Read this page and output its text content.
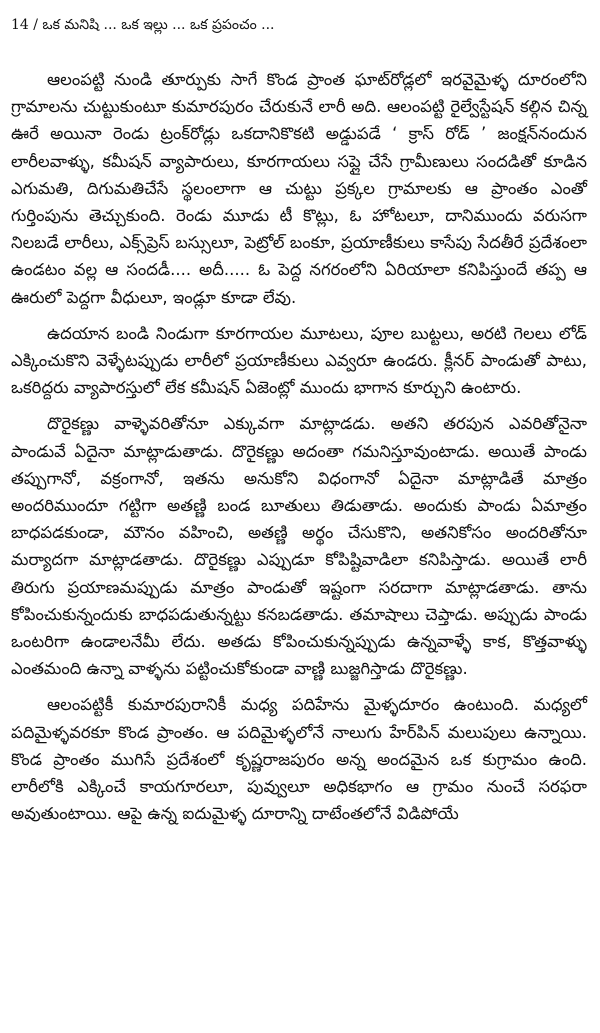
14 / ఒక మనిషి ... ఒక ఇల్లు ... ఒక ప్రపంచం ...

ఆలంపట్టి నుండి తూర్పుకు సాగే కొండ ప్రాంత ఘాట్‌రోడ్లలో ఇరవైమైళ్ళ దూరంలోని గ్రామాలను చుట్టుకుంటూ కుమారపురం చేరుకునే లారీ అది. ఆలంపట్టి రైల్వేస్టేషన్ కల్గిన చిన్న ఊరే అయినా రెండు ట్రంక్‌రోడ్లు ఒకదానికొకటి అడ్డుపడే ‘ క్రాస్ రోడ్ ’ జంక్షన్‌నందున లారీలవాళ్ళు, కమీషన్ వ్యాపారులు, కూరగాయలు సప్లై చేసే గ్రామీణులు సందడితో కూడిన ఎగుమతి, దిగుమతిచేసే స్థలంలాగా ఆ చుట్టు ప్రక్కల గ్రామాలకు ఆ ప్రాంతం ఎంతో గుర్తింపును తెచ్చుకుంది. రెండు మూడు టీ కొట్లు, ఓ హోటలూ, దానిముందు వరుసగా నిలబడే లారీలు, ఎక్స్‌ప్రెస్ బస్సులూ, పెట్రోల్ బంకూ, ప్రయాణీకులు కాసేపు సేదతీరే ప్రదేశంలా ఉండటం వల్ల ఆ సందడీ.... అదీ..... ఓ పెద్ద నగరంలోని ఏరియాలా కనిపిస్తుందే తప్ప ఆ ఊరులో పెద్దగా వీధులూ, ఇండ్లూ కూడా లేవు.

ఉదయాన బండి నిండుగా కూరగాయల మూటలు, పూల బుట్టలు, అరటి గెలలు లోడ్ ఎక్కించుకొని వెళ్ళేటప్పుడు లారీలో ప్రయాణీకులు ఎవ్వరూ ఉండరు. క్లీనర్ పాండుతో పాటు, ఒకరిద్దరు వ్యాపారస్తులో లేక కమీషన్ ఏజెంట్లో ముందు భాగాన కూర్చుని ఉంటారు.

దొరైకణ్ణు వాళ్ళెవరితోనూ ఎక్కువగా మాట్లాడడు. అతని తరపున ఎవరితోనైనా పాండువే ఏదైనా మాట్లాడుతాడు. దొరైకణ్ణు అదంతా గమనిస్తూవుంటాడు. అయితే పాండు తప్పుగానో, వక్రంగానో, ఇతను అనుకోని విధంగానో ఏదైనా మాట్లాడితే మాత్రం అందరిముందూ గట్టిగా అతణ్ణి బండ బూతులు తిడుతాడు. అందుకు పాండు ఏమాత్రం బాధపడకుండా, మౌనం వహించి, అతణ్ణి అర్థం చేసుకొని, అతనికోసం అందరితోనూ మర్యాదగా మాట్లాడతాడు. దొరైకణ్ణు ఎప్పుడూ కోపిష్టివాడిలా కనిపిస్తాడు. అయితే లారీ తిరుగు ప్రయాణమప్పుడు మాత్రం పాండుతో ఇష్టంగా సరదాగా మాట్లాడతాడు. తాను కోపించుకున్నందుకు బాధపడుతున్నట్టు కనబడతాడు. తమాషాలు చెప్తాడు. అప్పుడు పాండు ఒంటరిగా ఉండాలనేమీ లేదు. అతడు కోపించుకున్నప్పుడు ఉన్నవాళ్ళే కాక, కొత్తవాళ్ళు ఎంతమంది ఉన్నా వాళ్ళను పట్టించుకోకుండా వాణ్ణి బుజ్జగిస్తాడు దొరైకణ్ణు.

ఆలంపట్టికీ కుమారపురానికీ మధ్య పదిహేను మైళ్ళదూరం ఉంటుంది. మధ్యలో పదిమైళ్ళవరకూ కొండ ప్రాంతం. ఆ పదిమైళ్ళలోనే నాలుగు హేర్‌పిన్ మలుపులు ఉన్నాయి. కొండ ప్రాంతం ముగిసే ప్రదేశంలో కృష్ణరాజపురం అన్న అందమైన ఒక కుగ్రామం ఉంది. లారీలోకి ఎక్కించే కాయగూరలూ, పువ్వులూ అధికభాగం ఆ గ్రామం నుంచే సరఫరా అవుతుంటాయి. ఆపై ఉన్న ఐదుమైళ్ళ దూరాన్ని దాటేంతలోనే విడిపోయే
